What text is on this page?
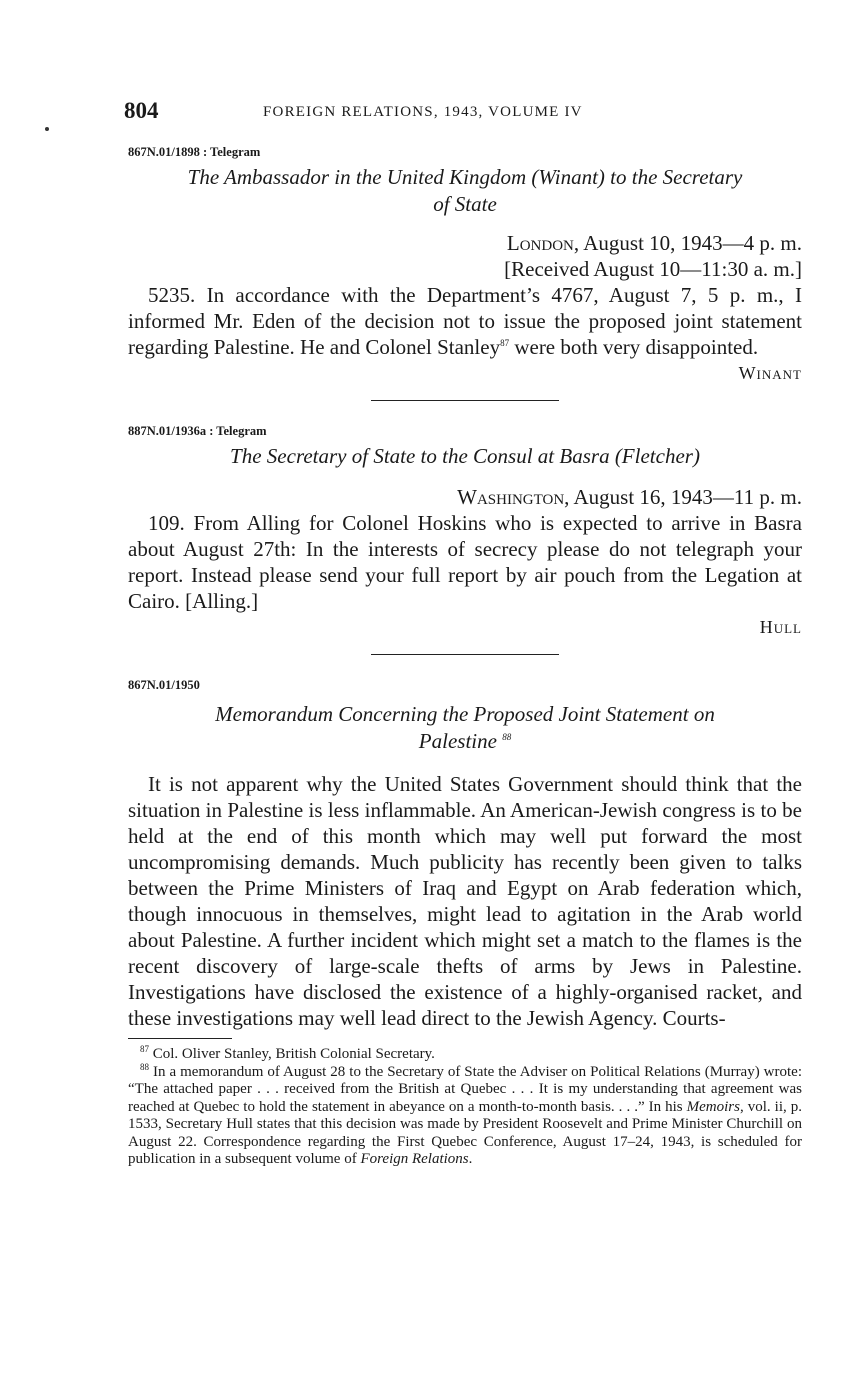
804	FOREIGN RELATIONS, 1943, VOLUME IV
867N.01/1898 : Telegram
The Ambassador in the United Kingdom (Winant) to the Secretary
of State
London, August 10, 1943—4 p. m.
[Received August 10—11:30 a. m.]

5235. In accordance with the Department’s 4767, August 7, 5 p. m., I informed Mr. Eden of the decision not to issue the proposed joint statement regarding Palestine. He and Colonel Stanley$^{87}$ were both very disappointed.

Winant
887N.01/1936a : Telegram
The Secretary of State to the Consul at Basra (Fletcher)
Washington, August 16, 1943—11 p. m.

109. From Alling for Colonel Hoskins who is expected to arrive in Basra about August 27th: In the interests of secrecy please do not telegraph your report. Instead please send your full report by air pouch from the Legation at Cairo. [Alling.]

Hull
867N.01/1950
Memorandum Concerning the Proposed Joint Statement on
Palestine $^{88}$

It is not apparent why the United States Government should think that the situation in Palestine is less inflammable. An American-Jewish congress is to be held at the end of this month which may well put forward the most uncompromising demands. Much publicity has recently been given to talks between the Prime Ministers of Iraq and Egypt on Arab federation which, though innocuous in themselves, might lead to agitation in the Arab world about Palestine. A further incident which might set a match to the flames is the recent discovery of large-scale thefts of arms by Jews in Palestine. Investigations have disclosed the existence of a highly-organised racket, and these investigations may well lead direct to the Jewish Agency. Courts-

$^{87}$ Col. Oliver Stanley, British Colonial Secretary.

$^{88}$ In a memorandum of August 28 to the Secretary of State the Adviser on Political Relations (Murray) wrote: “The attached paper . . . received from the British at Quebec . . . It is my understanding that agreement was reached at Quebec to hold the statement in abeyance on a month-to-month basis. . . .” In his Memoirs, vol. ii, p. 1533, Secretary Hull states that this decision was made by President Roosevelt and Prime Minister Churchill on August 22. Correspondence regarding the First Quebec Conference, August 17–24, 1943, is scheduled for publication in a subsequent volume of Foreign Relations.
